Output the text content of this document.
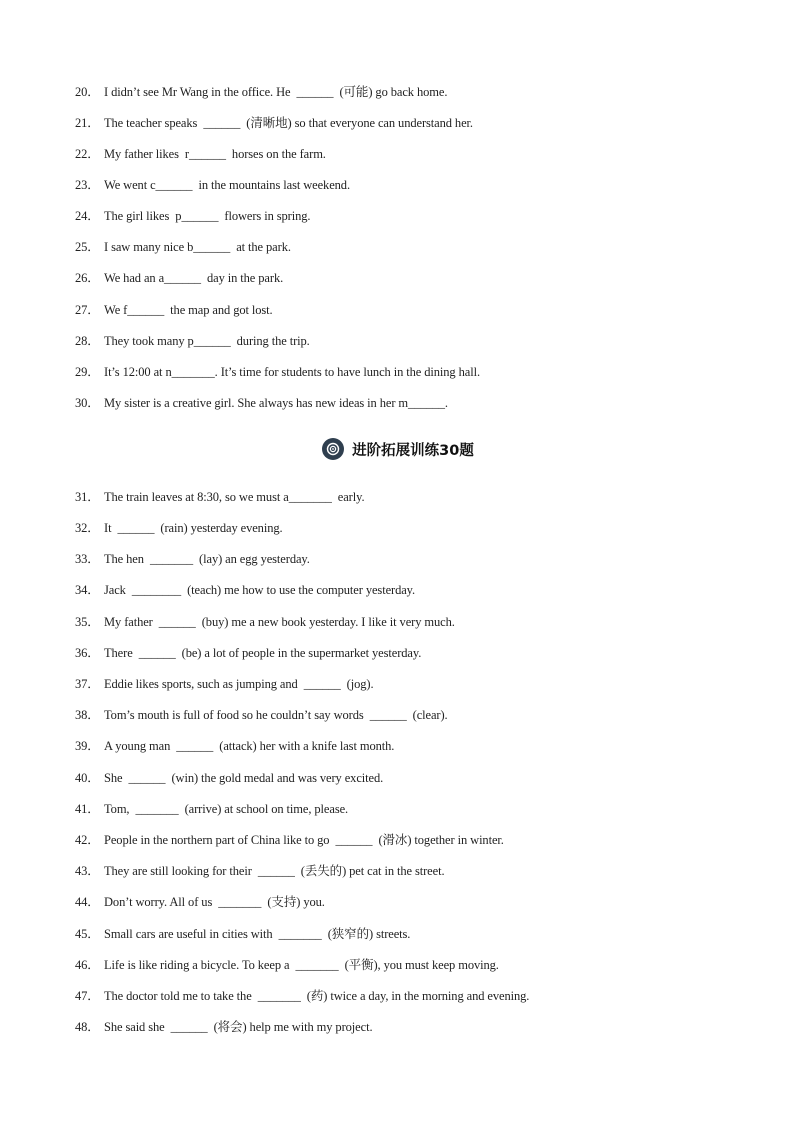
20． I didn’t see Mr Wang in the office. He  ______  (可能) go back home.
21． The teacher speaks  ______  (清晰地) so that everyone can understand her.
22． My father likes  r______  horses on the farm.
23． We went c______  in the mountains last weekend.
24． The girl likes  p______  flowers in spring.
25． I saw many nice b______  at the park.
26． We had an a______  day in the park.
27． We f______  the map and got lost.
28． They took many p______  during the trip.
29． It’s 12:00 at n_______. It’s time for students to have lunch in the dining hall.
30． My sister is a creative girl. She always has new ideas in her m______.
进阶拓展训练30题
31． The train leaves at 8:30, so we must a_______  early.
32． It  ______  (rain) yesterday evening.
33． The hen  _______  (lay) an egg yesterday.
34． Jack  ________  (teach) me how to use the computer yesterday.
35． My father  ______  (buy) me a new book yesterday. I like it very much.
36． There  ______  (be) a lot of people in the supermarket yesterday.
37． Eddie likes sports, such as jumping and  ______  (jog).
38． Tom’s mouth is full of food so he couldn’t say words  ______  (clear).
39． A young man  ______  (attack) her with a knife last month.
40． She  ______  (win) the gold medal and was very excited.
41． Tom,  _______  (arrive) at school on time, please.
42． People in the northern part of China like to go  ______  (滑冰) together in winter.
43． They are still looking for their  ______  (丢失的) pet cat in the street.
44． Don’t worry. All of us  _______  (支持) you.
45． Small cars are useful in cities with  _______  (狭窄的) streets.
46． Life is like riding a bicycle. To keep a  _______  (平衡), you must keep moving.
47． The doctor told me to take the  _______  (药) twice a day, in the morning and evening.
48． She said she  ______  (将会) help me with my project.
